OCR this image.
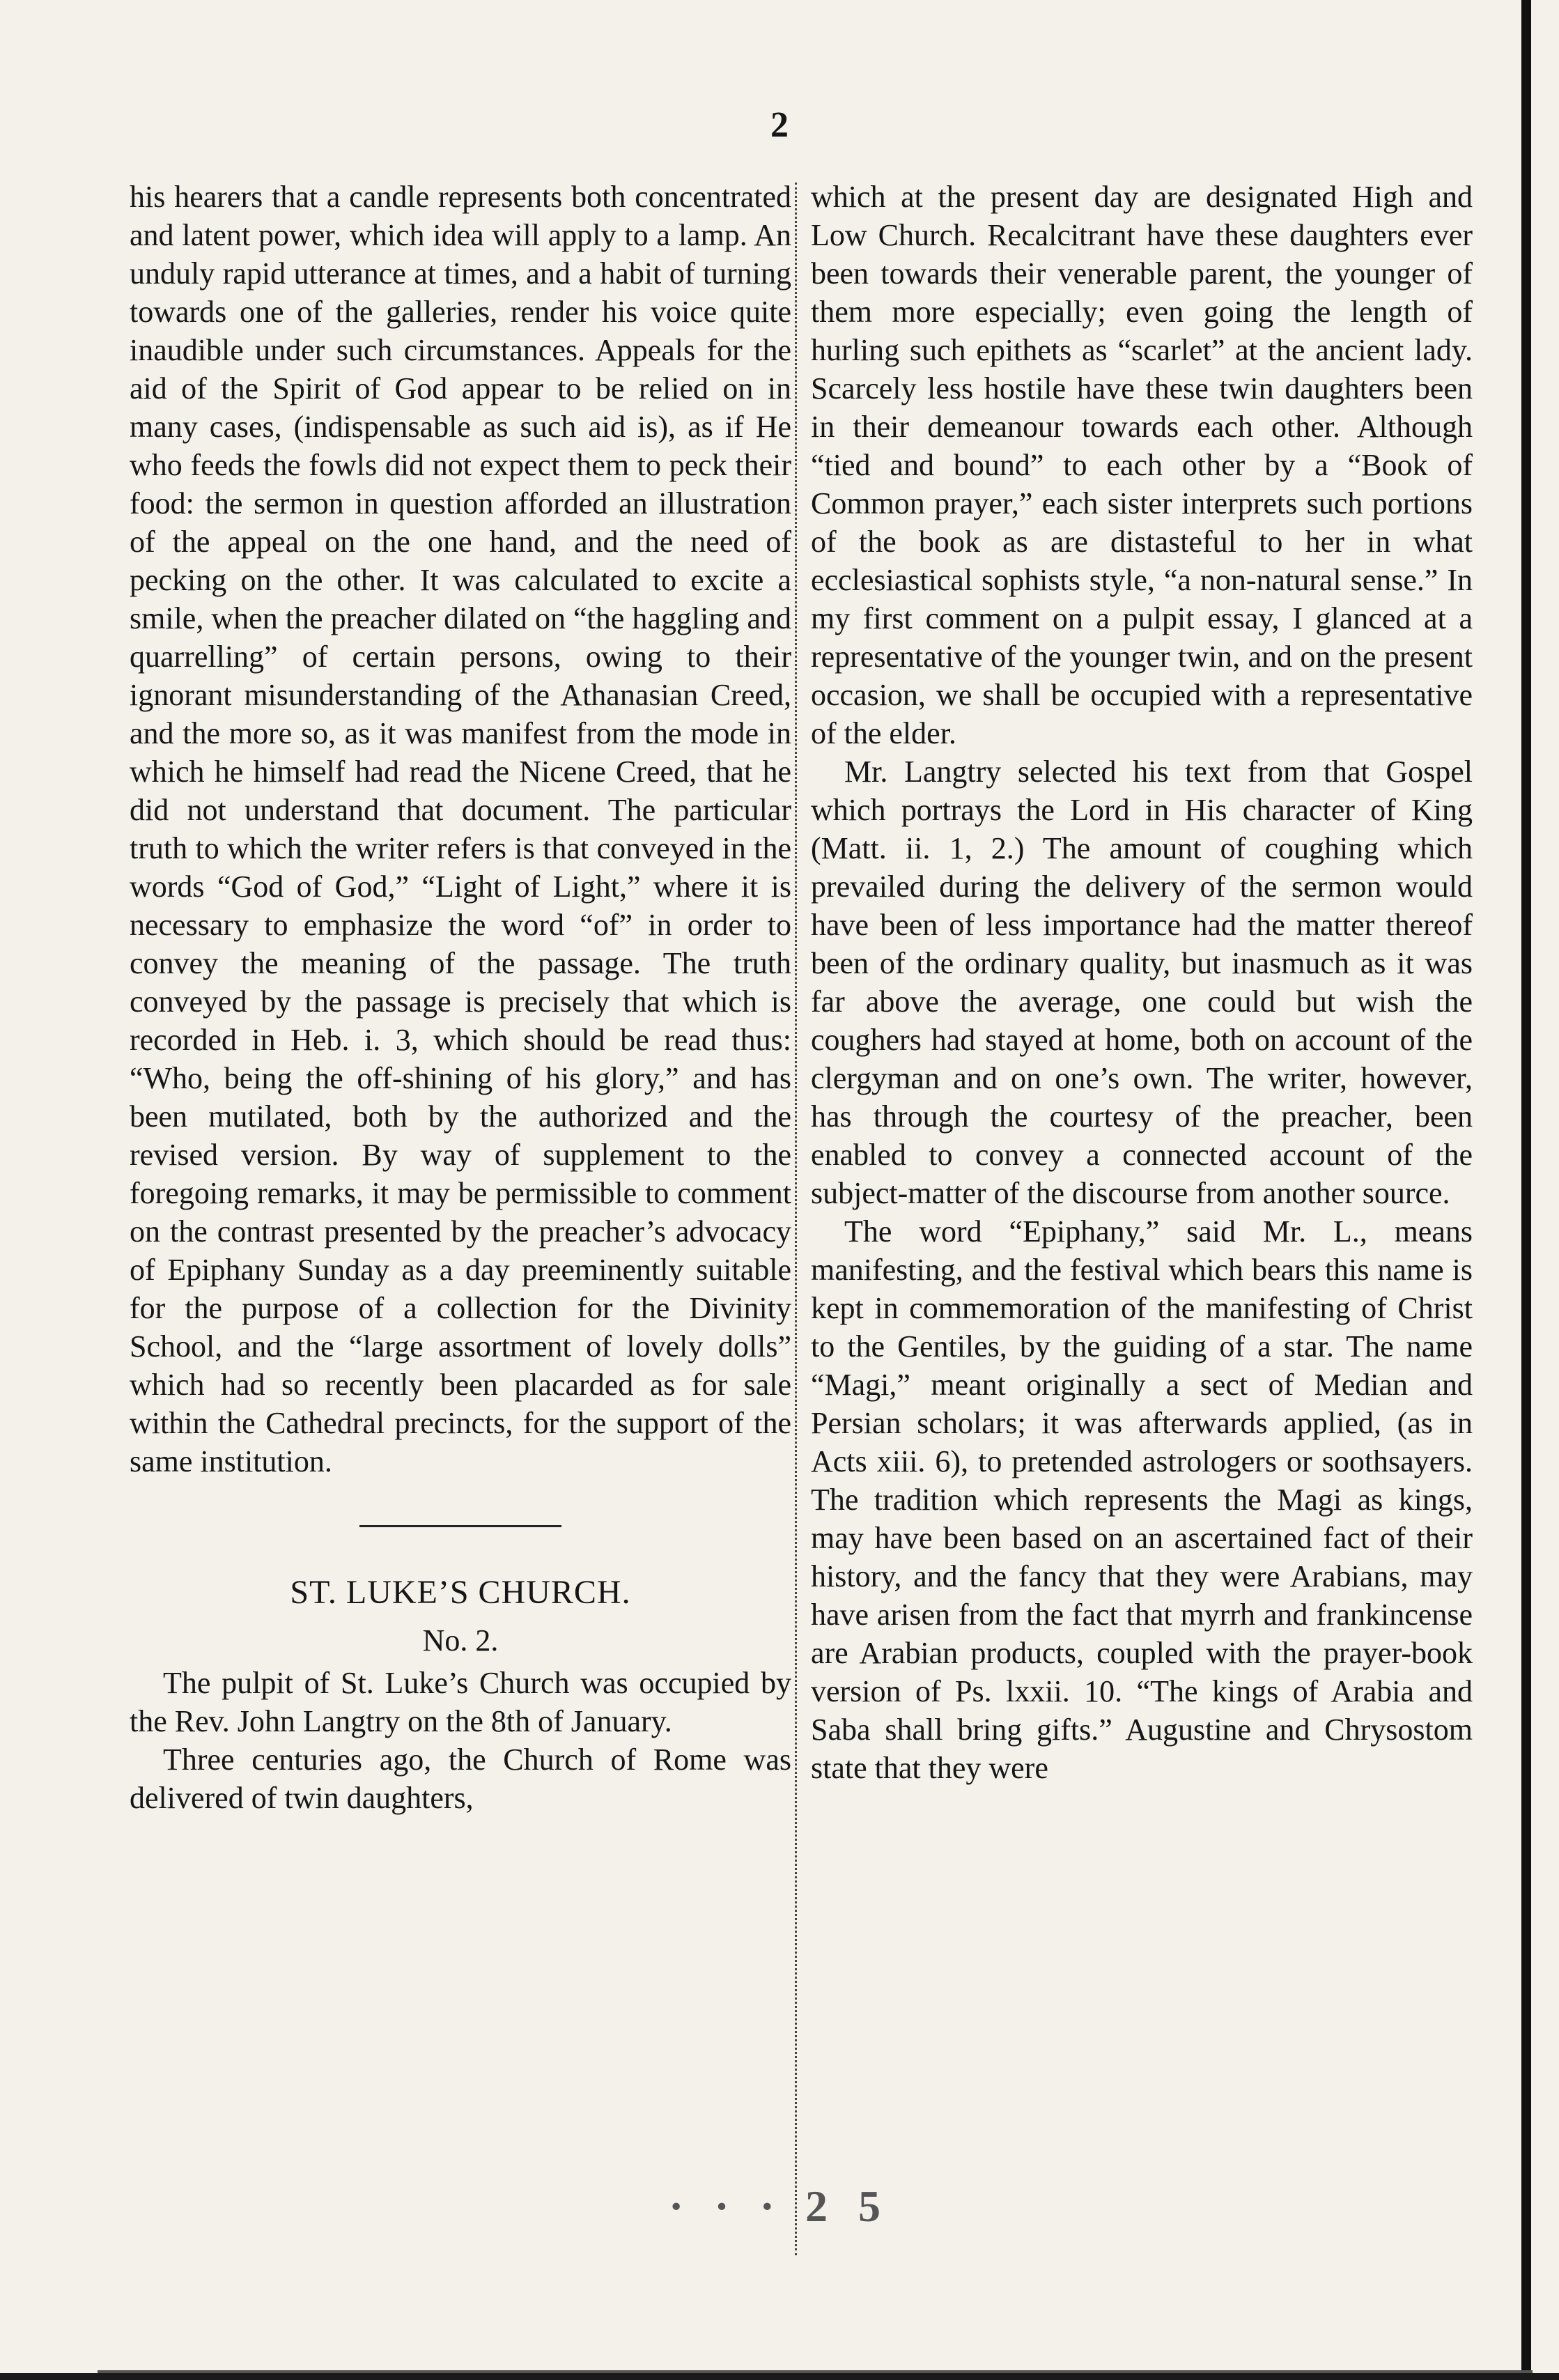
2

his hearers that a candle represents both concentrated and latent power, which idea will apply to a lamp. An unduly rapid utterance at times, and a habit of turning towards one of the galleries, render his voice quite inaudible under such circumstances. Appeals for the aid of the Spirit of God appear to be relied on in many cases, (indispensable as such aid is), as if He who feeds the fowls did not expect them to peck their food: the sermon in question afforded an illustration of the appeal on the one hand, and the need of pecking on the other. It was calculated to excite a smile, when the preacher dilated on “the haggling and quarrelling” of certain persons, owing to their ignorant misunderstanding of the Athanasian Creed, and the more so, as it was manifest from the mode in which he himself had read the Nicene Creed, that he did not understand that document. The particular truth to which the writer refers is that conveyed in the words “God of God,” “Light of Light,” where it is necessary to emphasize the word “of” in order to convey the meaning of the passage. The truth conveyed by the passage is precisely that which is recorded in Heb. i. 3, which should be read thus: “Who, being the off-shining of his glory,” and has been mutilated, both by the authorized and the revised version. By way of supplement to the foregoing remarks, it may be permissible to comment on the contrast presented by the preacher’s advocacy of Epiphany Sunday as a day preeminently suitable for the purpose of a collection for the Divinity School, and the “large assortment of lovely dolls” which had so recently been placarded as for sale within the Cathedral precincts, for the support of the same institution.

ST. LUKE’S CHURCH.
No. 2.

The pulpit of St. Luke’s Church was occupied by the Rev. John Langtry on the 8th of January.

Three centuries ago, the Church of Rome was delivered of twin daughters,

which at the present day are designated High and Low Church. Recalcitrant have these daughters ever been towards their venerable parent, the younger of them more especially; even going the length of hurling such epithets as “scarlet” at the ancient lady. Scarcely less hostile have these twin daughters been in their demeanour towards each other. Although “tied and bound” to each other by a “Book of Common prayer,” each sister interprets such portions of the book as are distasteful to her in what ecclesiastical sophists style, “a non-natural sense.” In my first comment on a pulpit essay, I glanced at a representative of the younger twin, and on the present occasion, we shall be occupied with a representative of the elder.

Mr. Langtry selected his text from that Gospel which portrays the Lord in His character of King (Matt. ii. 1, 2.) The amount of coughing which prevailed during the delivery of the sermon would have been of less importance had the matter thereof been of the ordinary quality, but inasmuch as it was far above the average, one could but wish the coughers had stayed at home, both on account of the clergyman and on one’s own. The writer, however, has through the courtesy of the preacher, been enabled to convey a connected account of the subject-matter of the discourse from another source.

The word “Epiphany,” said Mr. L., means manifesting, and the festival which bears this name is kept in commemoration of the manifesting of Christ to the Gentiles, by the guiding of a star. The name “Magi,” meant originally a sect of Median and Persian scholars; it was afterwards applied, (as in Acts xiii. 6), to pretended astrologers or soothsayers. The tradition which represents the Magi as kings, may have been based on an ascertained fact of their history, and the fancy that they were Arabians, may have arisen from the fact that myrrh and frankincense are Arabian products, coupled with the prayer-book version of Ps. lxxii. 10. “The kings of Arabia and Saba shall bring gifts.” Augustine and Chrysostom state that they were

· · · 2 5
